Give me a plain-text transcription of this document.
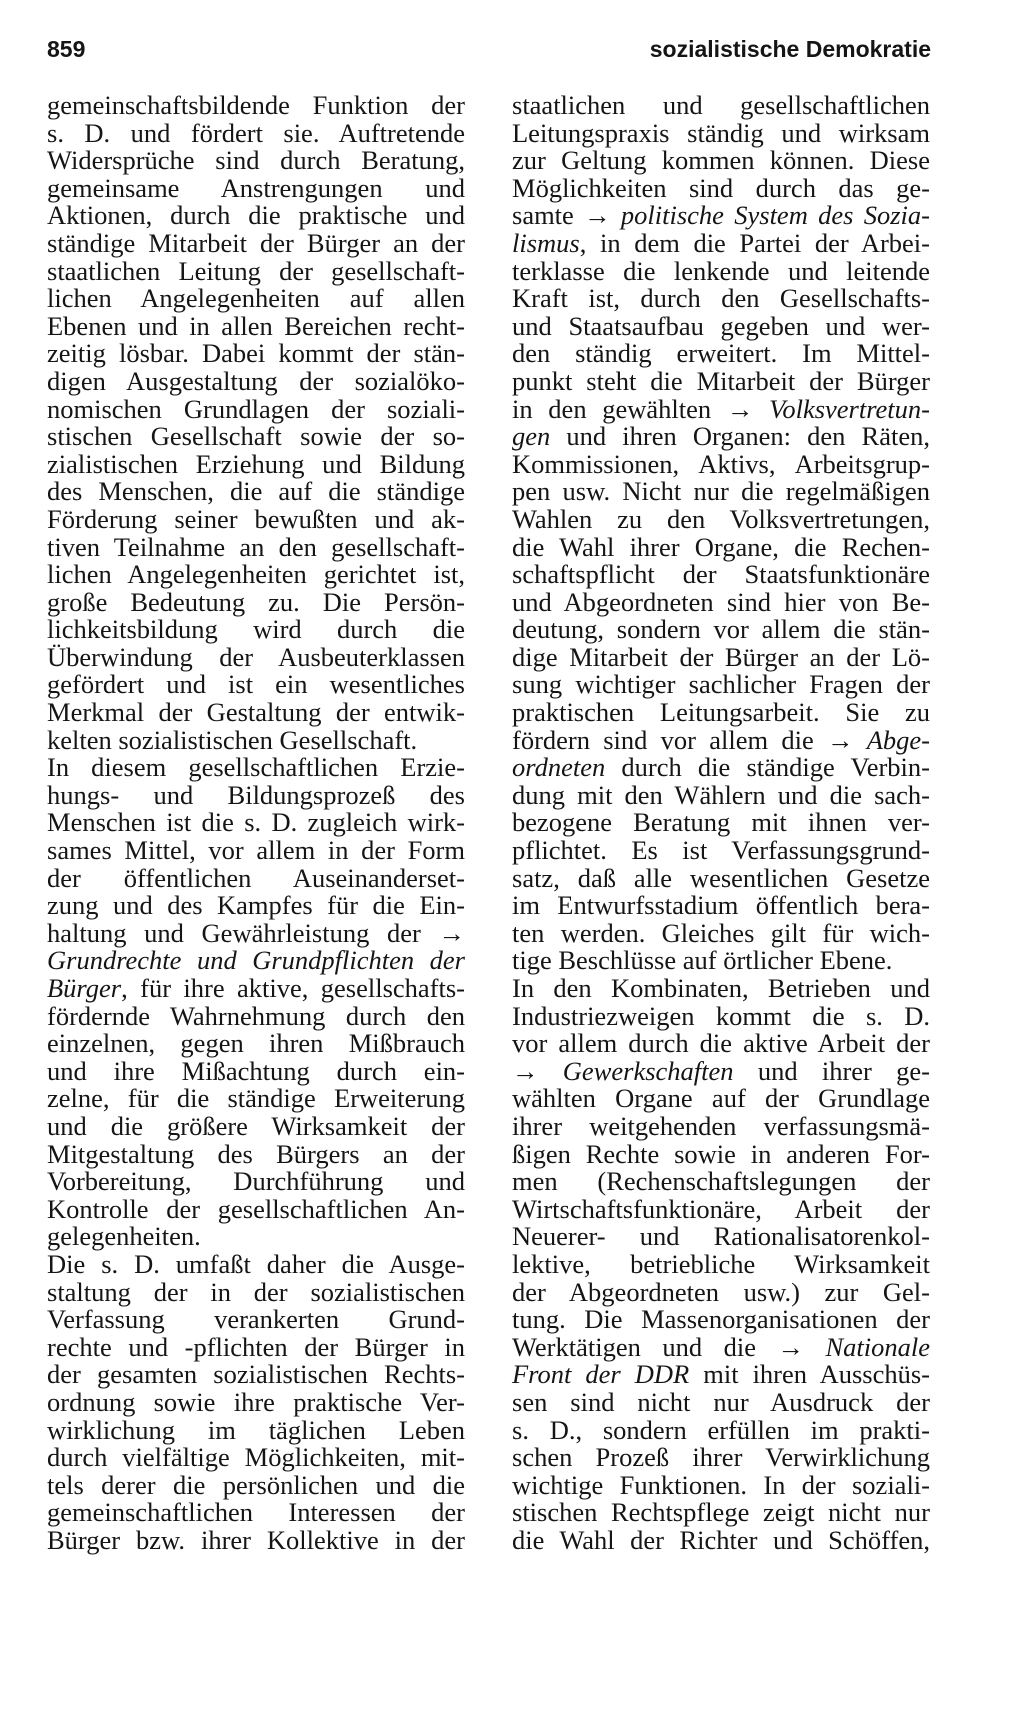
859	sozialistische Demokratie
gemeinschaftsbildende Funktion der
s. D. und fördert sie. Auftretende
Widersprüche sind durch Beratung,
gemeinsame Anstrengungen und
Aktionen, durch die praktische und
ständige Mitarbeit der Bürger an der
staatlichen Leitung der gesellschaft-
lichen Angelegenheiten auf allen
Ebenen und in allen Bereichen recht-
zeitig lösbar. Dabei kommt der stän-
digen Ausgestaltung der sozialöko-
nomischen Grundlagen der soziali-
stischen Gesellschaft sowie der so-
zialistischen Erziehung und Bildung
des Menschen, die auf die ständige
Förderung seiner bewußten und ak-
tiven Teilnahme an den gesellschaft-
lichen Angelegenheiten gerichtet ist,
große Bedeutung zu. Die Persön-
lichkeitsbildung wird durch die
Überwindung der Ausbeuterklassen
gefördert und ist ein wesentliches
Merkmal der Gestaltung der entwik-
kelten sozialistischen Gesellschaft.
In diesem gesellschaftlichen Erzie-
hungs- und Bildungsprozeß des
Menschen ist die s. D. zugleich wirk-
sames Mittel, vor allem in der Form
der öffentlichen Auseinanderset-
zung und des Kampfes für die Ein-
haltung und Gewährleistung der →
Grundrechte und Grundpflichten der
Bürger, für ihre aktive, gesellschafts-
fördernde Wahrnehmung durch den
einzelnen, gegen ihren Mißbrauch
und ihre Mißachtung durch ein-
zelne, für die ständige Erweiterung
und die größere Wirksamkeit der
Mitgestaltung des Bürgers an der
Vorbereitung, Durchführung und
Kontrolle der gesellschaftlichen An-
gelegenheiten.
Die s. D. umfaßt daher die Ausge-
staltung der in der sozialistischen
Verfassung verankerten Grund-
rechte und -pflichten der Bürger in
der gesamten sozialistischen Rechts-
ordnung sowie ihre praktische Ver-
wirklichung im täglichen Leben
durch vielfältige Möglichkeiten, mit-
tels derer die persönlichen und die
gemeinschaftlichen Interessen der
Bürger bzw. ihrer Kollektive in der
staatlichen und gesellschaftlichen
Leitungspraxis ständig und wirksam
zur Geltung kommen können. Diese
Möglichkeiten sind durch das ge-
samte → politische System des Sozia-
lismus, in dem die Partei der Arbei-
terklasse die lenkende und leitende
Kraft ist, durch den Gesellschafts-
und Staatsaufbau gegeben und wer-
den ständig erweitert. Im Mittel-
punkt steht die Mitarbeit der Bürger
in den gewählten → Volksvertretun-
gen und ihren Organen: den Räten,
Kommissionen, Aktivs, Arbeitsgrup-
pen usw. Nicht nur die regelmäßigen
Wahlen zu den Volksvertretungen,
die Wahl ihrer Organe, die Rechen-
schaftspflicht der Staatsfunktionäre
und Abgeordneten sind hier von Be-
deutung, sondern vor allem die stän-
dige Mitarbeit der Bürger an der Lö-
sung wichtiger sachlicher Fragen der
praktischen Leitungsarbeit. Sie zu
fördern sind vor allem die → Abge-
ordneten durch die ständige Verbin-
dung mit den Wählern und die sach-
bezogene Beratung mit ihnen ver-
pflichtet. Es ist Verfassungsgrund-
satz, daß alle wesentlichen Gesetze
im Entwurfsstadium öffentlich bera-
ten werden. Gleiches gilt für wich-
tige Beschlüsse auf örtlicher Ebene.
In den Kombinaten, Betrieben und
Industriezweigen kommt die s. D.
vor allem durch die aktive Arbeit der
→ Gewerkschaften und ihrer ge-
wählten Organe auf der Grundlage
ihrer weitgehenden verfassungsmä-
ßigen Rechte sowie in anderen For-
men (Rechenschaftslegungen der
Wirtschaftsfunktionäre, Arbeit der
Neuerer- und Rationalisatorenkol-
lektive, betriebliche Wirksamkeit
der Abgeordneten usw.) zur Gel-
tung. Die Massenorganisationen der
Werktätigen und die → Nationale
Front der DDR mit ihren Ausschüs-
sen sind nicht nur Ausdruck der
s. D., sondern erfüllen im prakti-
schen Prozeß ihrer Verwirklichung
wichtige Funktionen. In der soziali-
stischen Rechtspflege zeigt nicht nur
die Wahl der Richter und Schöffen,
